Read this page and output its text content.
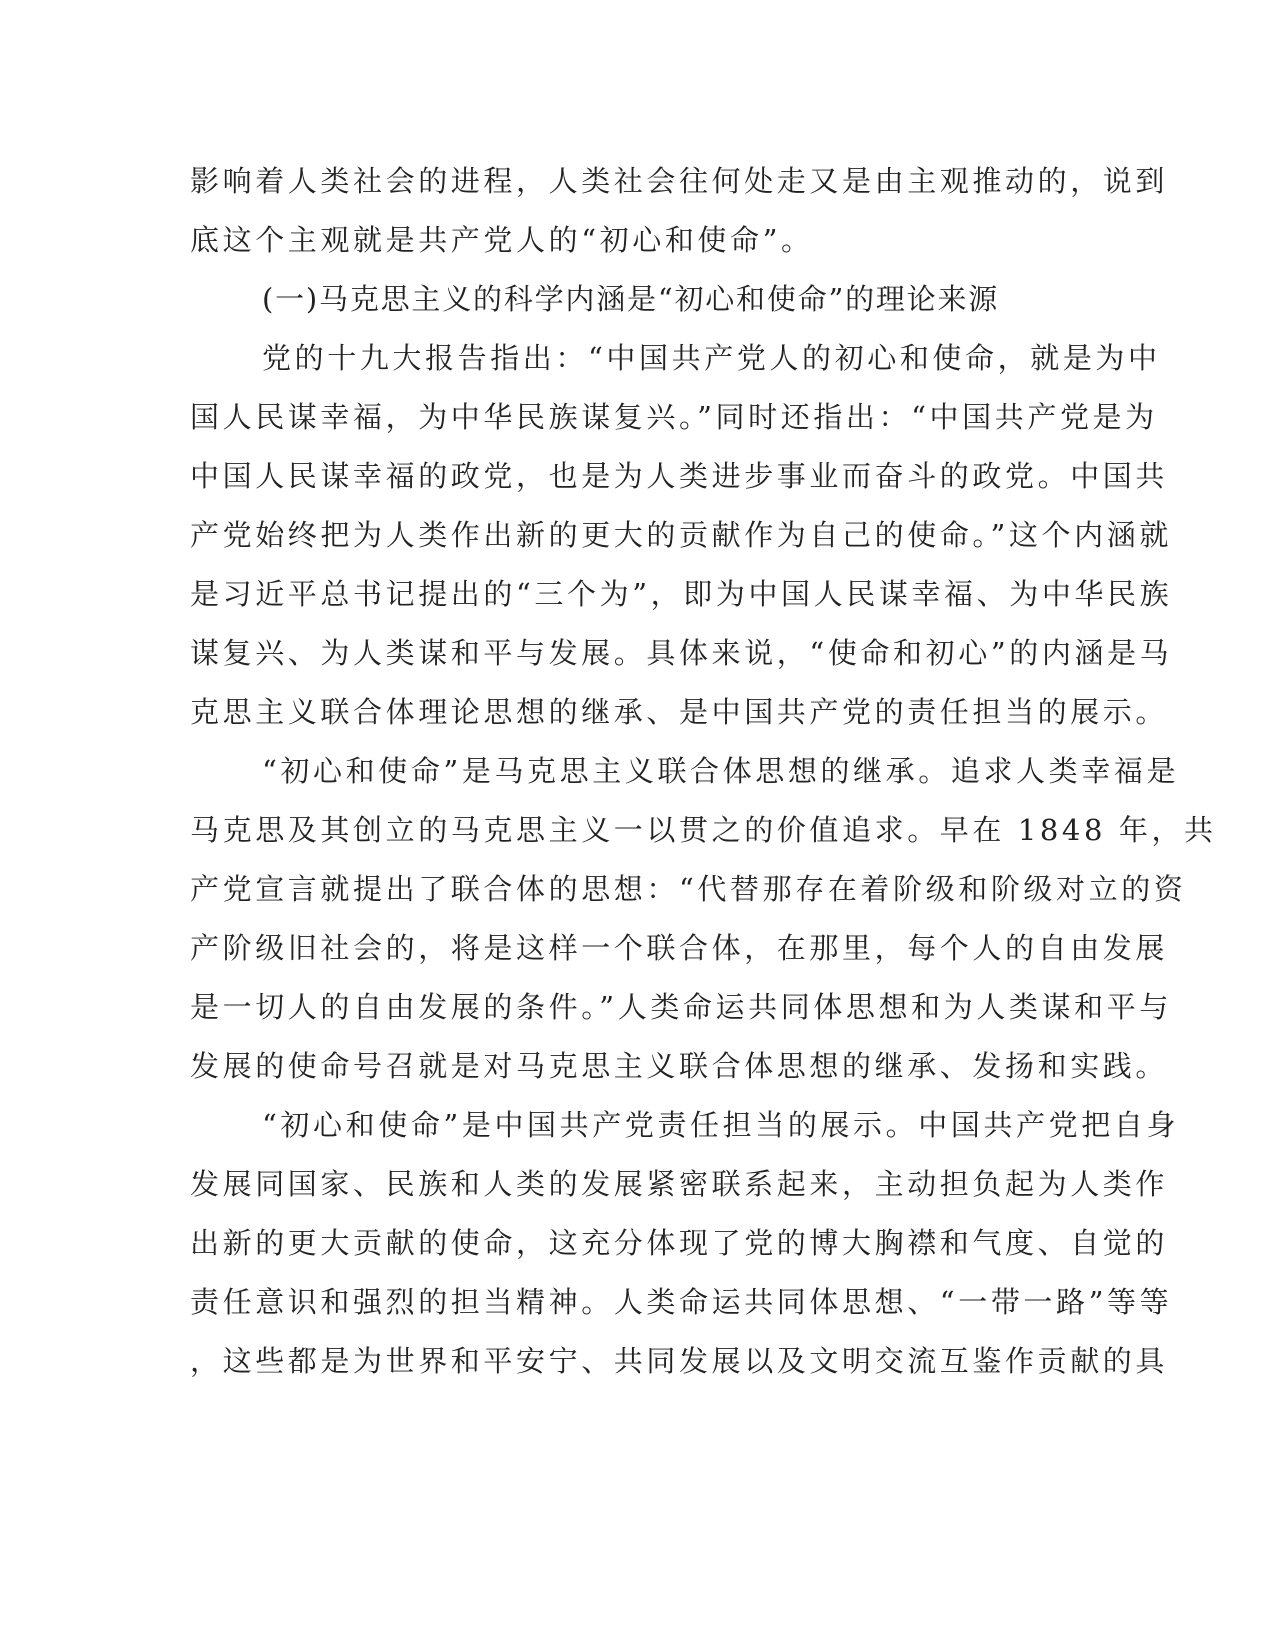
影响着人类社会的进程，人类社会往何处走又是由主观推动的，说到
底这个主观就是共产党人的“初心和使命”。
(一)马克思主义的科学内涵是“初心和使命”的理论来源
党的十九大报告指出：“中国共产党人的初心和使命，就是为中
国人民谋幸福，为中华民族谋复兴。”同时还指出：“中国共产党是为
中国人民谋幸福的政党，也是为人类进步事业而奋斗的政党。中国共
产党始终把为人类作出新的更大的贡献作为自己的使命。”这个内涵就
是习近平总书记提出的“三个为”，即为中国人民谋幸福、为中华民族
谋复兴、为人类谋和平与发展。具体来说，“使命和初心”的内涵是马
克思主义联合体理论思想的继承、是中国共产党的责任担当的展示。
“初心和使命”是马克思主义联合体思想的继承。追求人类幸福是
马克思及其创立的马克思主义一以贯之的价值追求。早在 1848 年，共
产党宣言就提出了联合体的思想：“代替那存在着阶级和阶级对立的资
产阶级旧社会的，将是这样一个联合体，在那里，每个人的自由发展
是一切人的自由发展的条件。”人类命运共同体思想和为人类谋和平与
发展的使命号召就是对马克思主义联合体思想的继承、发扬和实践。
“初心和使命”是中国共产党责任担当的展示。中国共产党把自身
发展同国家、民族和人类的发展紧密联系起来，主动担负起为人类作
出新的更大贡献的使命，这充分体现了党的博大胸襟和气度、自觉的
责任意识和强烈的担当精神。人类命运共同体思想、“一带一路”等等
，这些都是为世界和平安宁、共同发展以及文明交流互鉴作贡献的具
